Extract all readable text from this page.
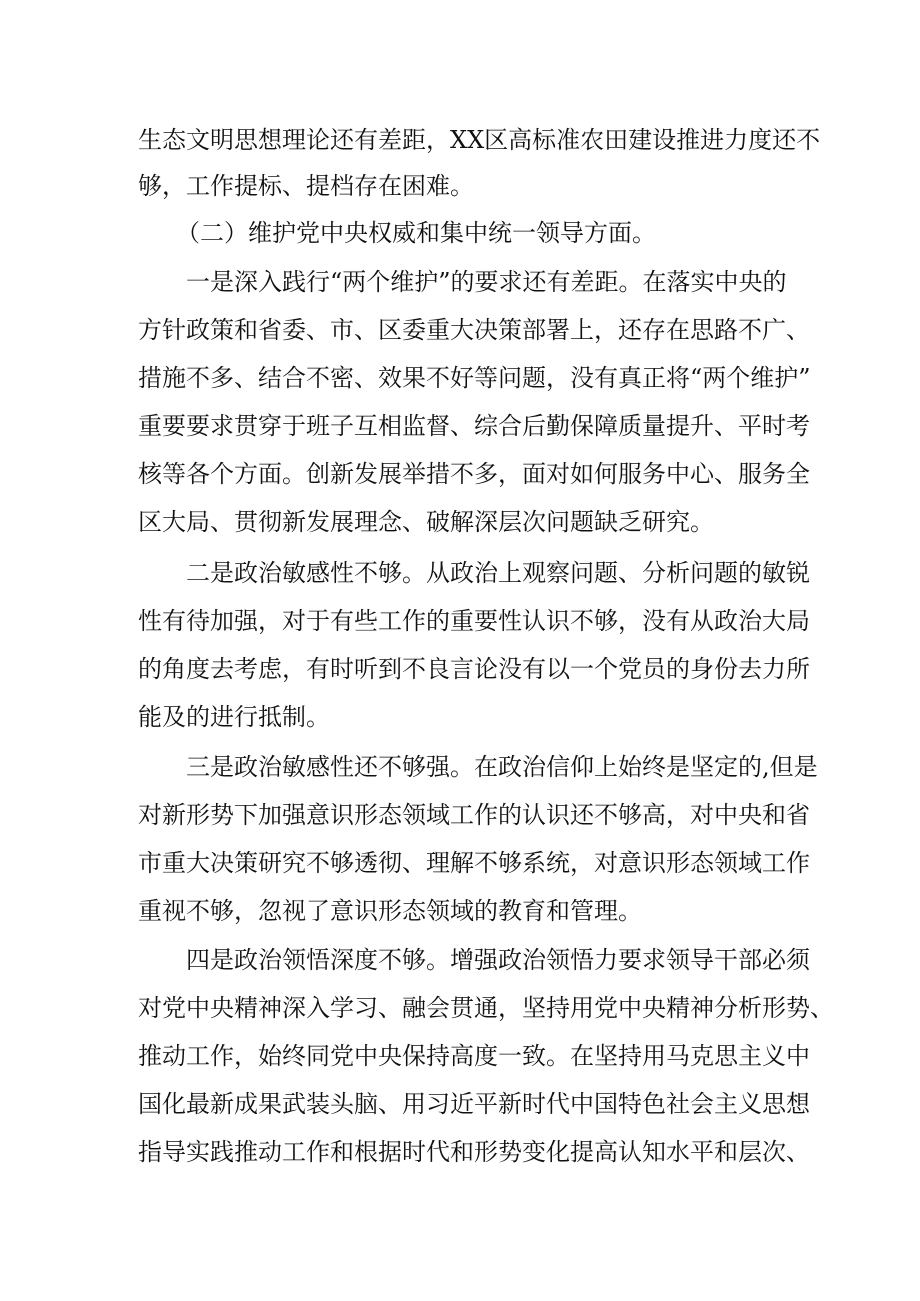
生态文明思想理论还有差距，XX区高标准农田建设推进力度还不
够，工作提标、提档存在困难。
（二）维护党中央权威和集中统一领导方面。
一是深入践行“两个维护”的要求还有差距。在落实中央的
方针政策和省委、市、区委重大决策部署上，还存在思路不广、
措施不多、结合不密、效果不好等问题，没有真正将“两个维护”
重要要求贯穿于班子互相监督、综合后勤保障质量提升、平时考
核等各个方面。创新发展举措不多，面对如何服务中心、服务全
区大局、贯彻新发展理念、破解深层次问题缺乏研究。
二是政治敏感性不够。从政治上观察问题、分析问题的敏锐
性有待加强，对于有些工作的重要性认识不够，没有从政治大局
的角度去考虑，有时听到不良言论没有以一个党员的身份去力所
能及的进行抵制。
三是政治敏感性还不够强。在政治信仰上始终是坚定的,但是
对新形势下加强意识形态领域工作的认识还不够高，对中央和省
市重大决策研究不够透彻、理解不够系统，对意识形态领域工作
重视不够，忽视了意识形态领域的教育和管理。
四是政治领悟深度不够。增强政治领悟力要求领导干部必须
对党中央精神深入学习、融会贯通，坚持用党中央精神分析形势、
推动工作，始终同党中央保持高度一致。在坚持用马克思主义中
国化最新成果武装头脑、用习近平新时代中国特色社会主义思想
指导实践推动工作和根据时代和形势变化提高认知水平和层次、
